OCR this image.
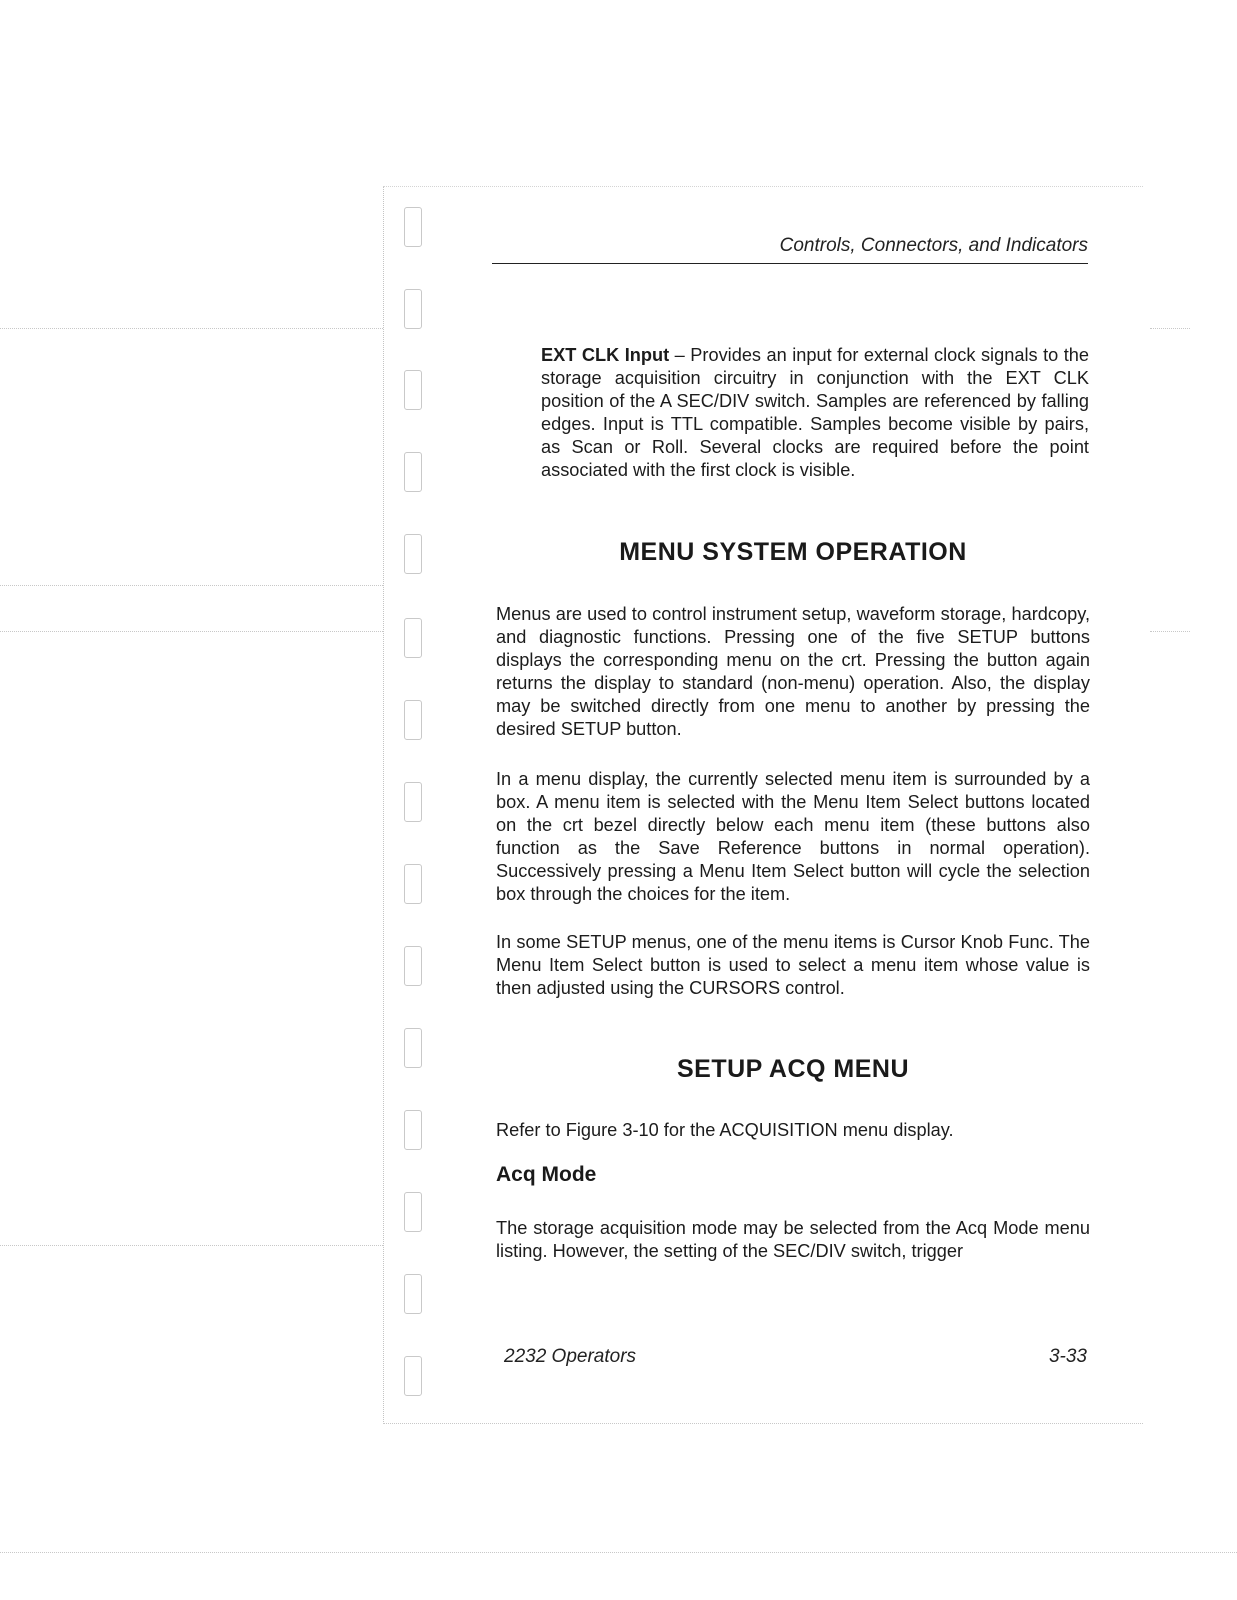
Controls, Connectors, and Indicators

EXT CLK Input – Provides an input for external clock signals to the storage acquisition circuitry in conjunction with the EXT CLK position of the A SEC/DIV switch. Samples are referenced by falling edges. Input is TTL compatible. Samples become visible by pairs, as Scan or Roll. Several clocks are required before the point associated with the first clock is visible.

MENU SYSTEM OPERATION

Menus are used to control instrument setup, waveform storage, hardcopy, and diagnostic functions. Pressing one of the five SETUP buttons displays the corresponding menu on the crt. Pressing the button again returns the display to standard (non-menu) operation. Also, the display may be switched directly from one menu to another by pressing the desired SETUP button.

In a menu display, the currently selected menu item is surrounded by a box. A menu item is selected with the Menu Item Select buttons located on the crt bezel directly below each menu item (these buttons also function as the Save Reference buttons in normal operation). Successively pressing a Menu Item Select button will cycle the selection box through the choices for the item.

In some SETUP menus, one of the menu items is Cursor Knob Func. The Menu Item Select button is used to select a menu item whose value is then adjusted using the CURSORS control.

SETUP ACQ MENU

Refer to Figure 3-10 for the ACQUISITION menu display.

Acq Mode

The storage acquisition mode may be selected from the Acq Mode menu listing. However, the setting of the SEC/DIV switch, trigger

2232 Operators	3-33
